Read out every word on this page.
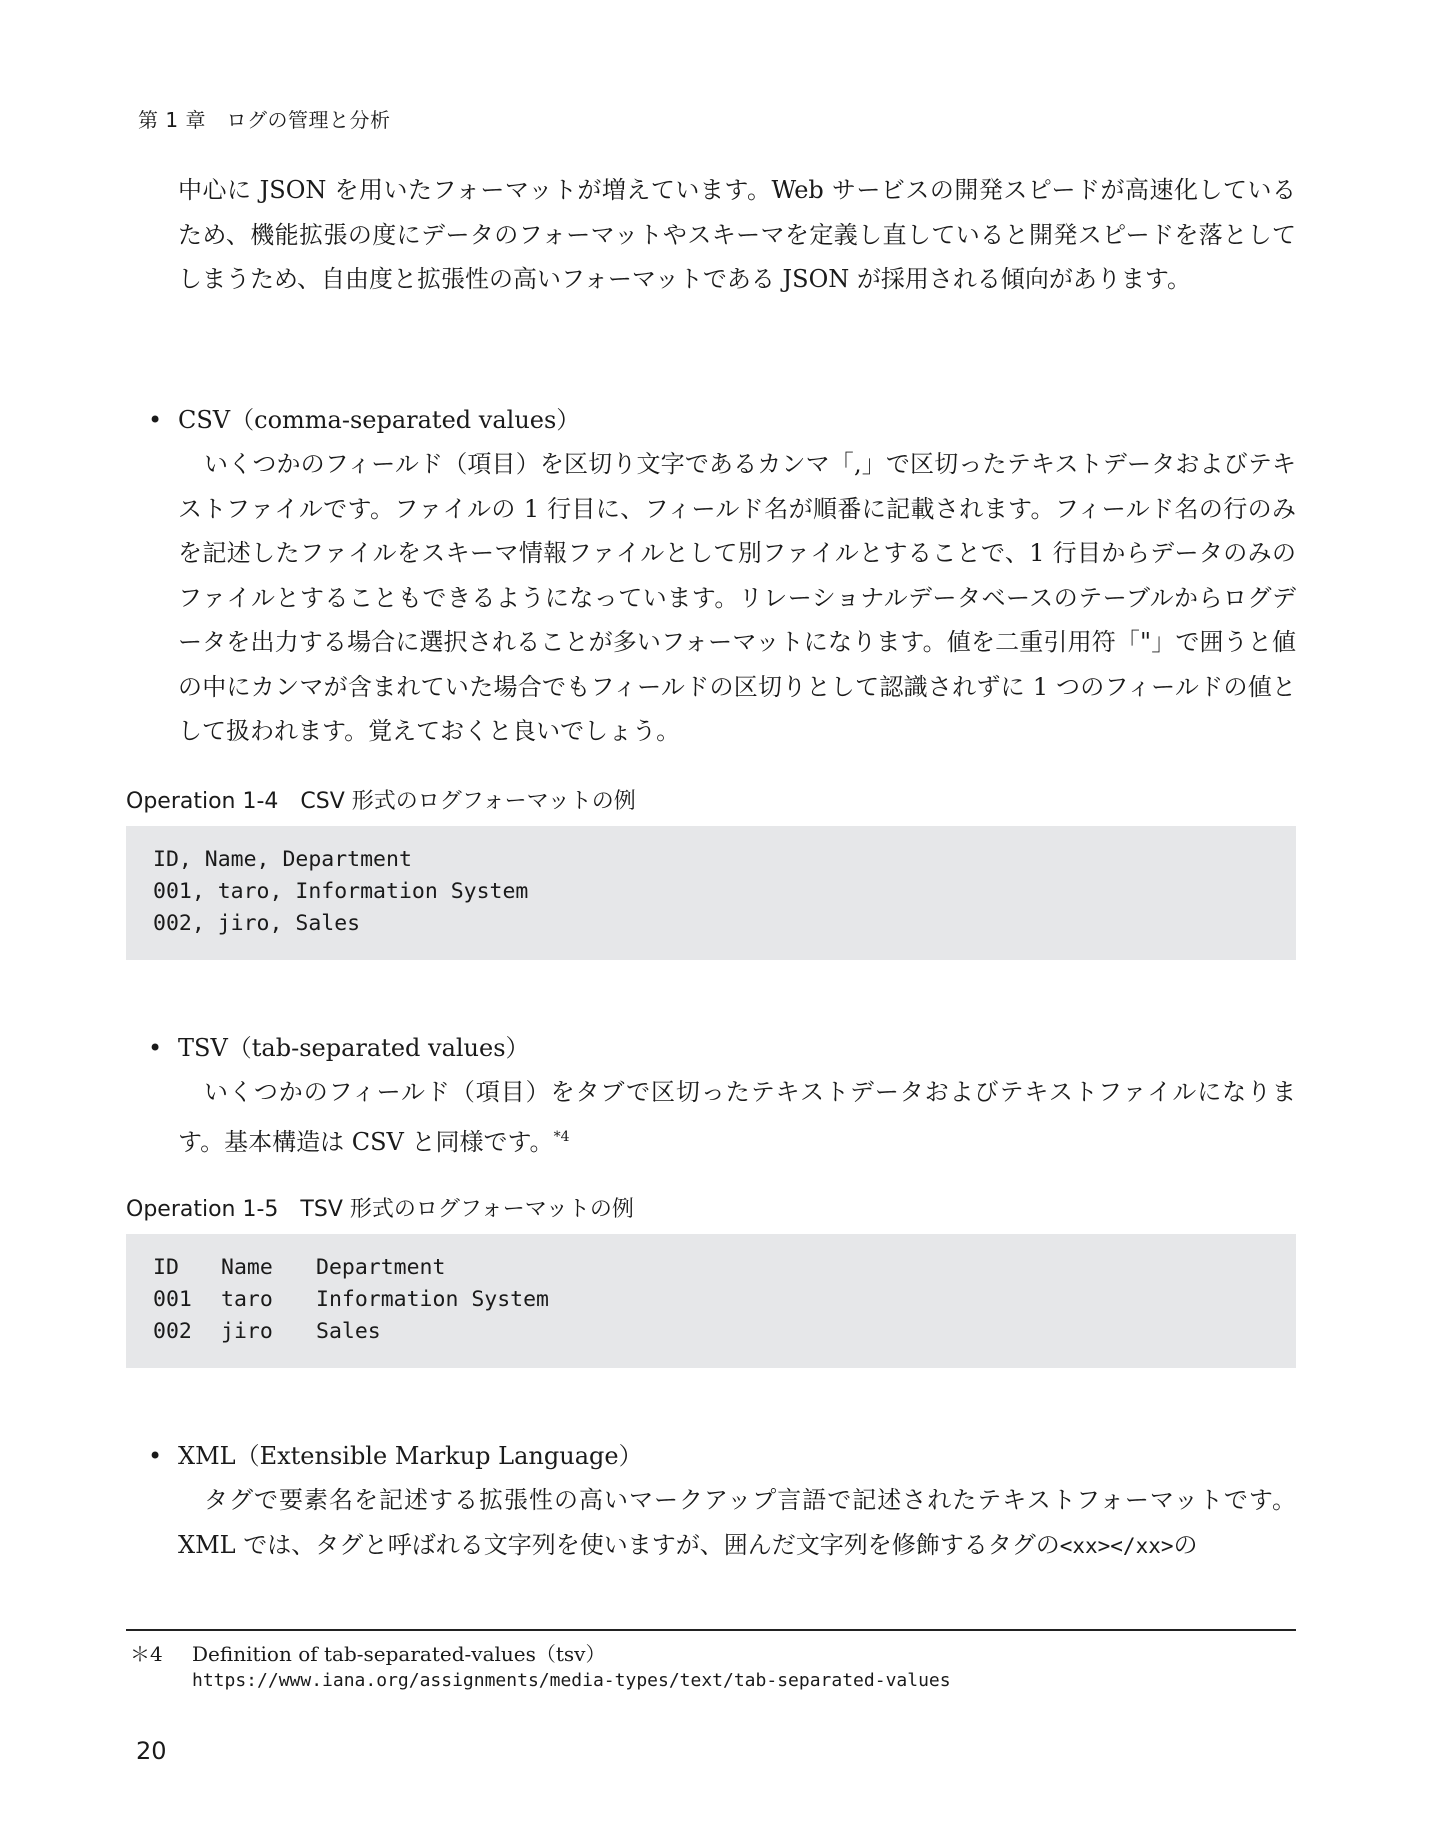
第 1 章　ログの管理と分析

中心に JSON を用いたフォーマットが増えています。Web サービスの開発スピードが高速化しているため、機能拡張の度にデータのフォーマットやスキーマを定義し直していると開発スピードを落としてしまうため、自由度と拡張性の高いフォーマットである JSON が採用される傾向があります。

• CSV（comma-separated values）

いくつかのフィールド（項目）を区切り文字であるカンマ「,」で区切ったテキストデータおよびテキストファイルです。ファイルの 1 行目に、フィールド名が順番に記載されます。フィールド名の行のみを記述したファイルをスキーマ情報ファイルとして別ファイルとすることで、1 行目からデータのみのファイルとすることもできるようになっています。リレーショナルデータベースのテーブルからログデータを出力する場合に選択されることが多いフォーマットになります。値を二重引用符「"」で囲うと値の中にカンマが含まれていた場合でもフィールドの区切りとして認識されずに 1 つのフィールドの値として扱われます。覚えておくと良いでしょう。

Operation 1-4　CSV 形式のログフォーマットの例
ID, Name, Department
001, taro, Information System
002, jiro, Sales
• TSV（tab-separated values）

いくつかのフィールド（項目）をタブで区切ったテキストデータおよびテキストファイルになります。基本構造は CSV と同様です。$^{*4}$

Operation 1-5　TSV 形式のログフォーマットの例
ID	Name	Department
001	taro	Information System
002	jiro	Sales
• XML（Extensible Markup Language）

タグで要素名を記述する拡張性の高いマークアップ言語で記述されたテキストフォーマットです。XML では、タグと呼ばれる文字列を使いますが、囲んだ文字列を修飾するタグの<xx></xx>の

＊4 Definition of tab-separated-values（tsv）
https://www.iana.org/assignments/media-types/text/tab-separated-values
20
